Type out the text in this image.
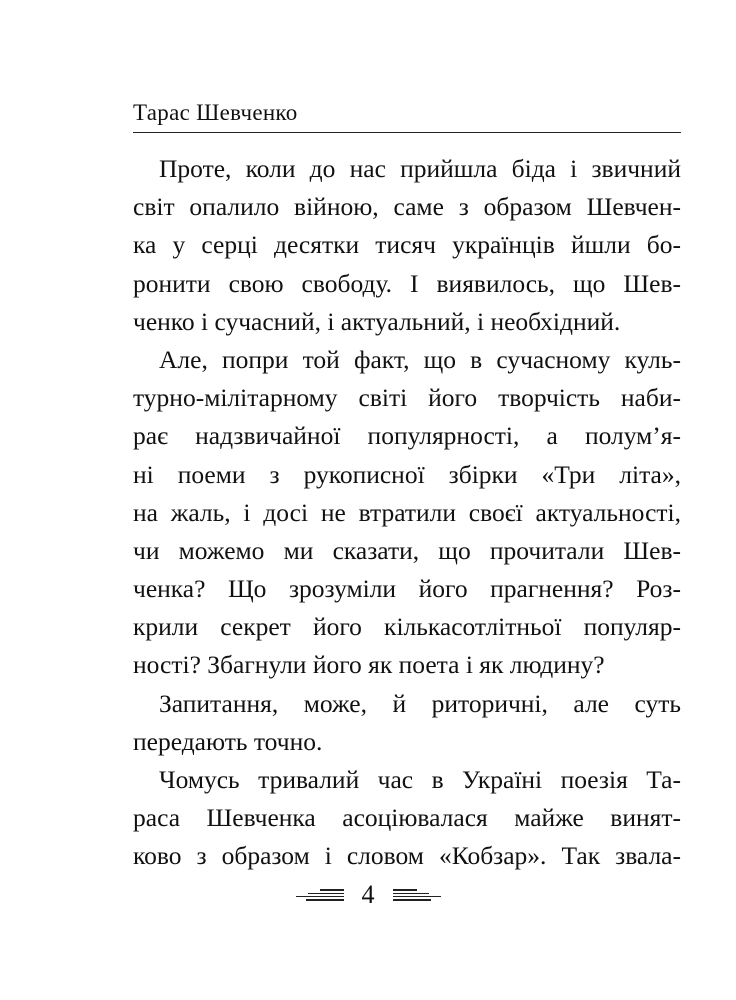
Тарас Шевченко
Проте, коли до нас прийшла біда і звичний
світ опалило війною, саме з образом Шевчен-
ка у серці десятки тисяч українців йшли бо-
ронити свою свободу. І виявилось, що Шев-
ченко і сучасний, і актуальний, і необхідний.
Але, попри той факт, що в сучасному куль-
турно-мілітарному світі його творчість наби-
рає надзвичайної популярності, а полум’я-
ні поеми з рукописної збірки «Три літа»,
на жаль, і досі не втратили своєї актуальності,
чи можемо ми сказати, що прочитали Шев-
ченка? Що зрозуміли його прагнення? Роз-
крили секрет його кількасотлітньої популяр-
ності? Збагнули його як поета і як людину?
Запитання, може, й риторичні, але суть
передають точно.
Чомусь тривалий час в Україні поезія Та-
раса Шевченка асоціювалася майже винят-
ково з образом і словом «Кобзар». Так звала-
4
